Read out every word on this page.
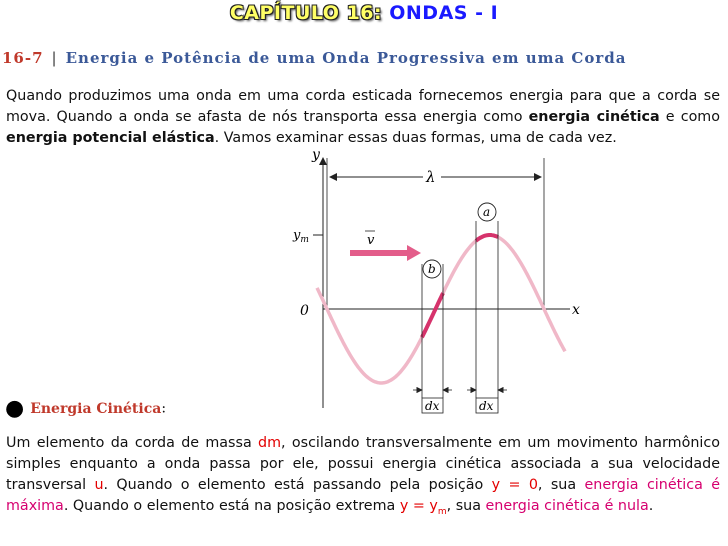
CAPÍTULO 16: ONDAS - I
16-7 | Energia e Potência de uma Onda Progressiva em uma Corda

Quando produzimos uma onda em uma corda esticada fornecemos energia para que a corda se mova. Quando a onda se afasta de nós transporta essa energia como energia cinética e como energia potencial elástica. Vamos examinar essas duas formas, uma de cada vez.

y
x
0
$y_m$
λ
v
dx	dx
b
a
● Energia Cinética:

Um elemento da corda de massa dm, oscilando transversalmente em um movimento harmônico simples enquanto a onda passa por ele, possui energia cinética associada a sua velocidade transversal u. Quando o elemento está passando pela posição y = 0, sua energia cinética é máxima. Quando o elemento está na posição extrema $y = y_m$, sua energia cinética é nula.
